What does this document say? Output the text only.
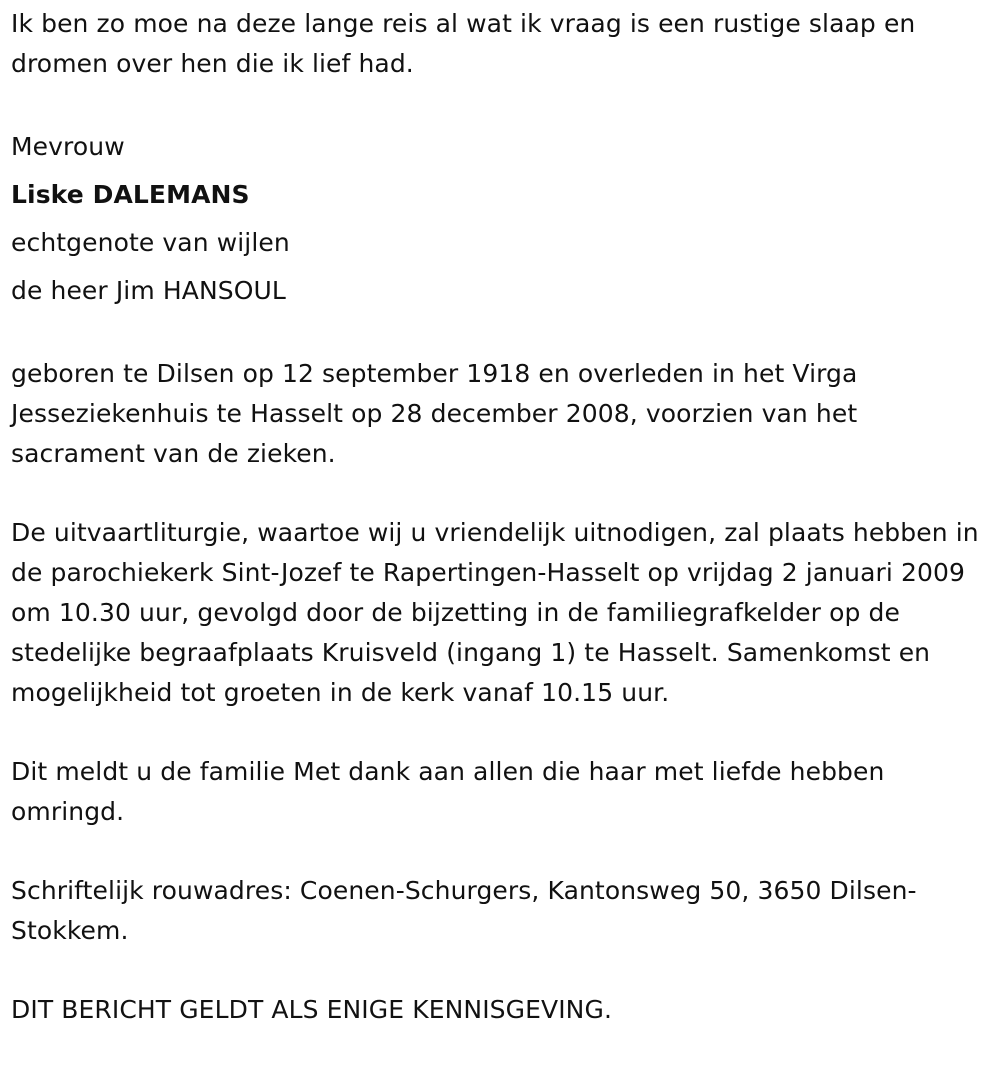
Ik ben zo moe na deze lange reis al wat ik vraag is een rustige slaap en dromen over hen die ik lief had.

Mevrouw

Liske DALEMANS

echtgenote van wijlen

de heer Jim HANSOUL

geboren te Dilsen op 12 september 1918 en overleden in het Virga Jesseziekenhuis te Hasselt op 28 december 2008, voorzien van het sacrament van de zieken.

De uitvaartliturgie, waartoe wij u vriendelijk uitnodigen, zal plaats hebben in de parochiekerk Sint-Jozef te Rapertingen-Hasselt op vrijdag 2 januari 2009 om 10.30 uur, gevolgd door de bijzetting in de familiegrafkelder op de stedelijke begraafplaats Kruisveld (ingang 1) te Hasselt. Samenkomst en mogelijkheid tot groeten in de kerk vanaf 10.15 uur.

Dit meldt u de familie Met dank aan allen die haar met liefde hebben omringd.

Schriftelijk rouwadres: Coenen-Schurgers, Kantonsweg 50, 3650 Dilsen-Stokkem.

DIT BERICHT GELDT ALS ENIGE KENNISGEVING.
